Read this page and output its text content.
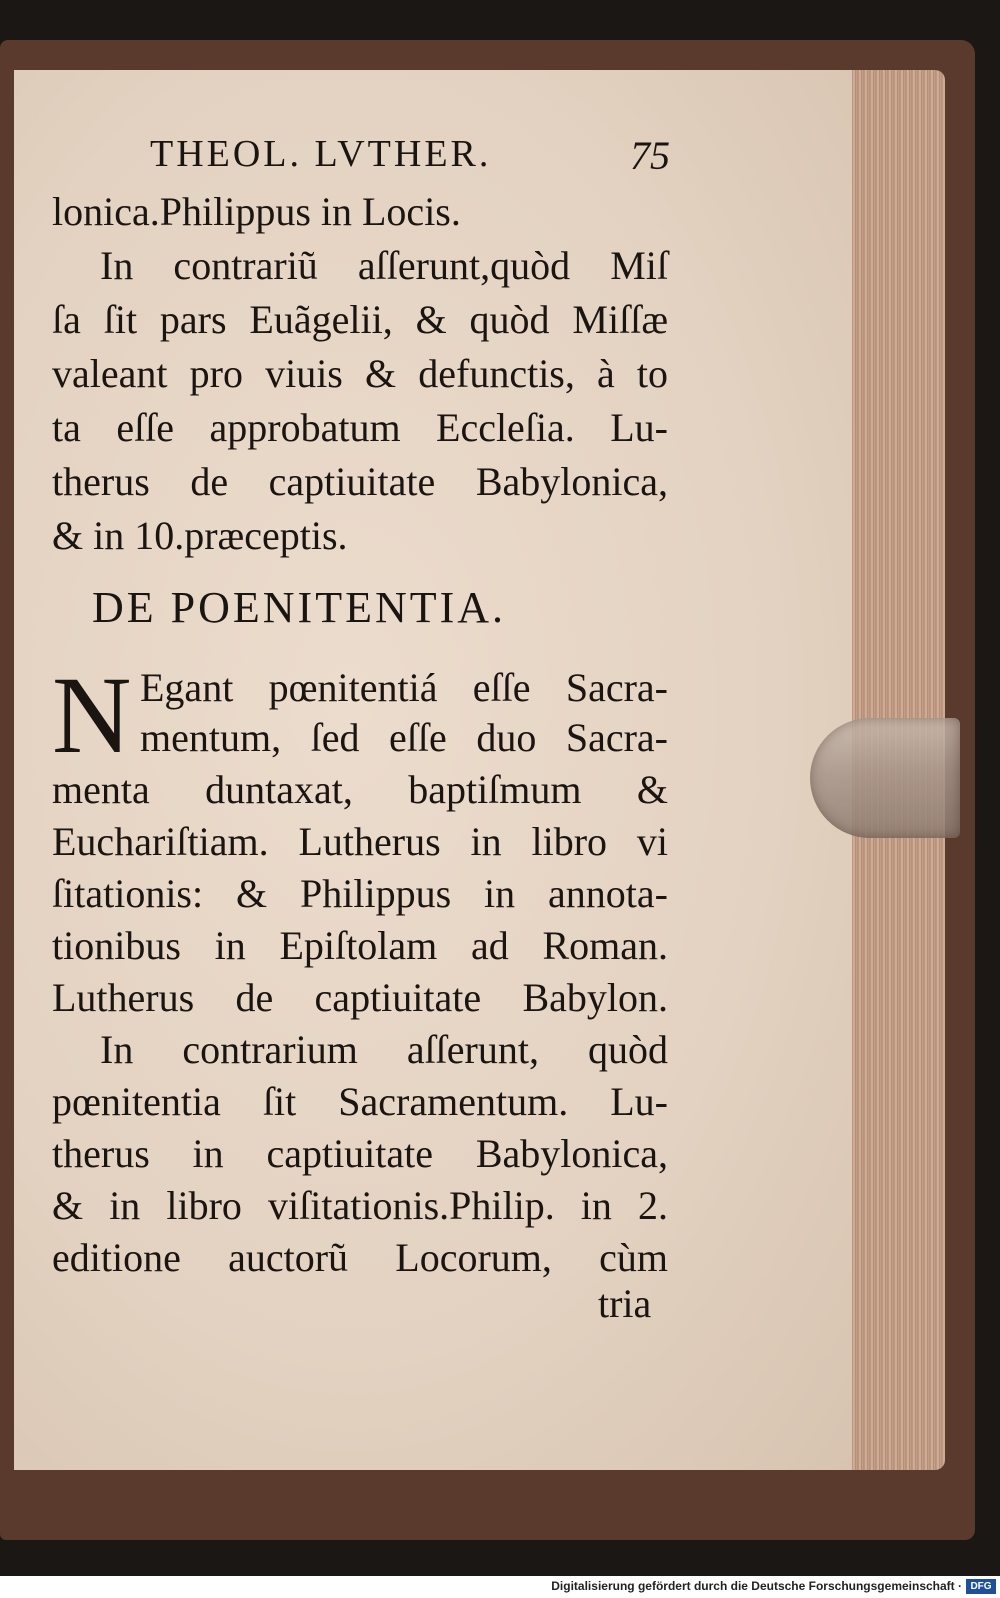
THEOL. LVTHER.	75
lonica.Philippus in Locis.
In contrariũ aſſerunt,quòd Miſ
ſa ſit pars Euãgelii, & quòd Miſſæ
valeant pro viuis & defunctis, à to
ta eſſe approbatum Eccleſia. Lu-
therus de captiuitate Babylonica,
& in 10.præceptis.
DE POENITENTIA.
N Egant pœnitentiá eſſe Sacra-
mentum, ſed eſſe duo Sacra-
menta duntaxat, baptiſmum &
Euchariſtiam. Lutherus in libro vi
ſitationis: & Philippus in annota-
tionibus in Epiſtolam ad Roman.
Lutherus de captiuitate Babylon.
In contrarium aſſerunt, quòd
pœnitentia ſit Sacramentum. Lu-
therus in captiuitate Babylonica,
& in libro viſitationis.Philip. in 2.
editione auctorũ Locorum, cùm
tria
Digitalisierung gefördert durch die Deutsche Forschungsgemeinschaft · DFG
